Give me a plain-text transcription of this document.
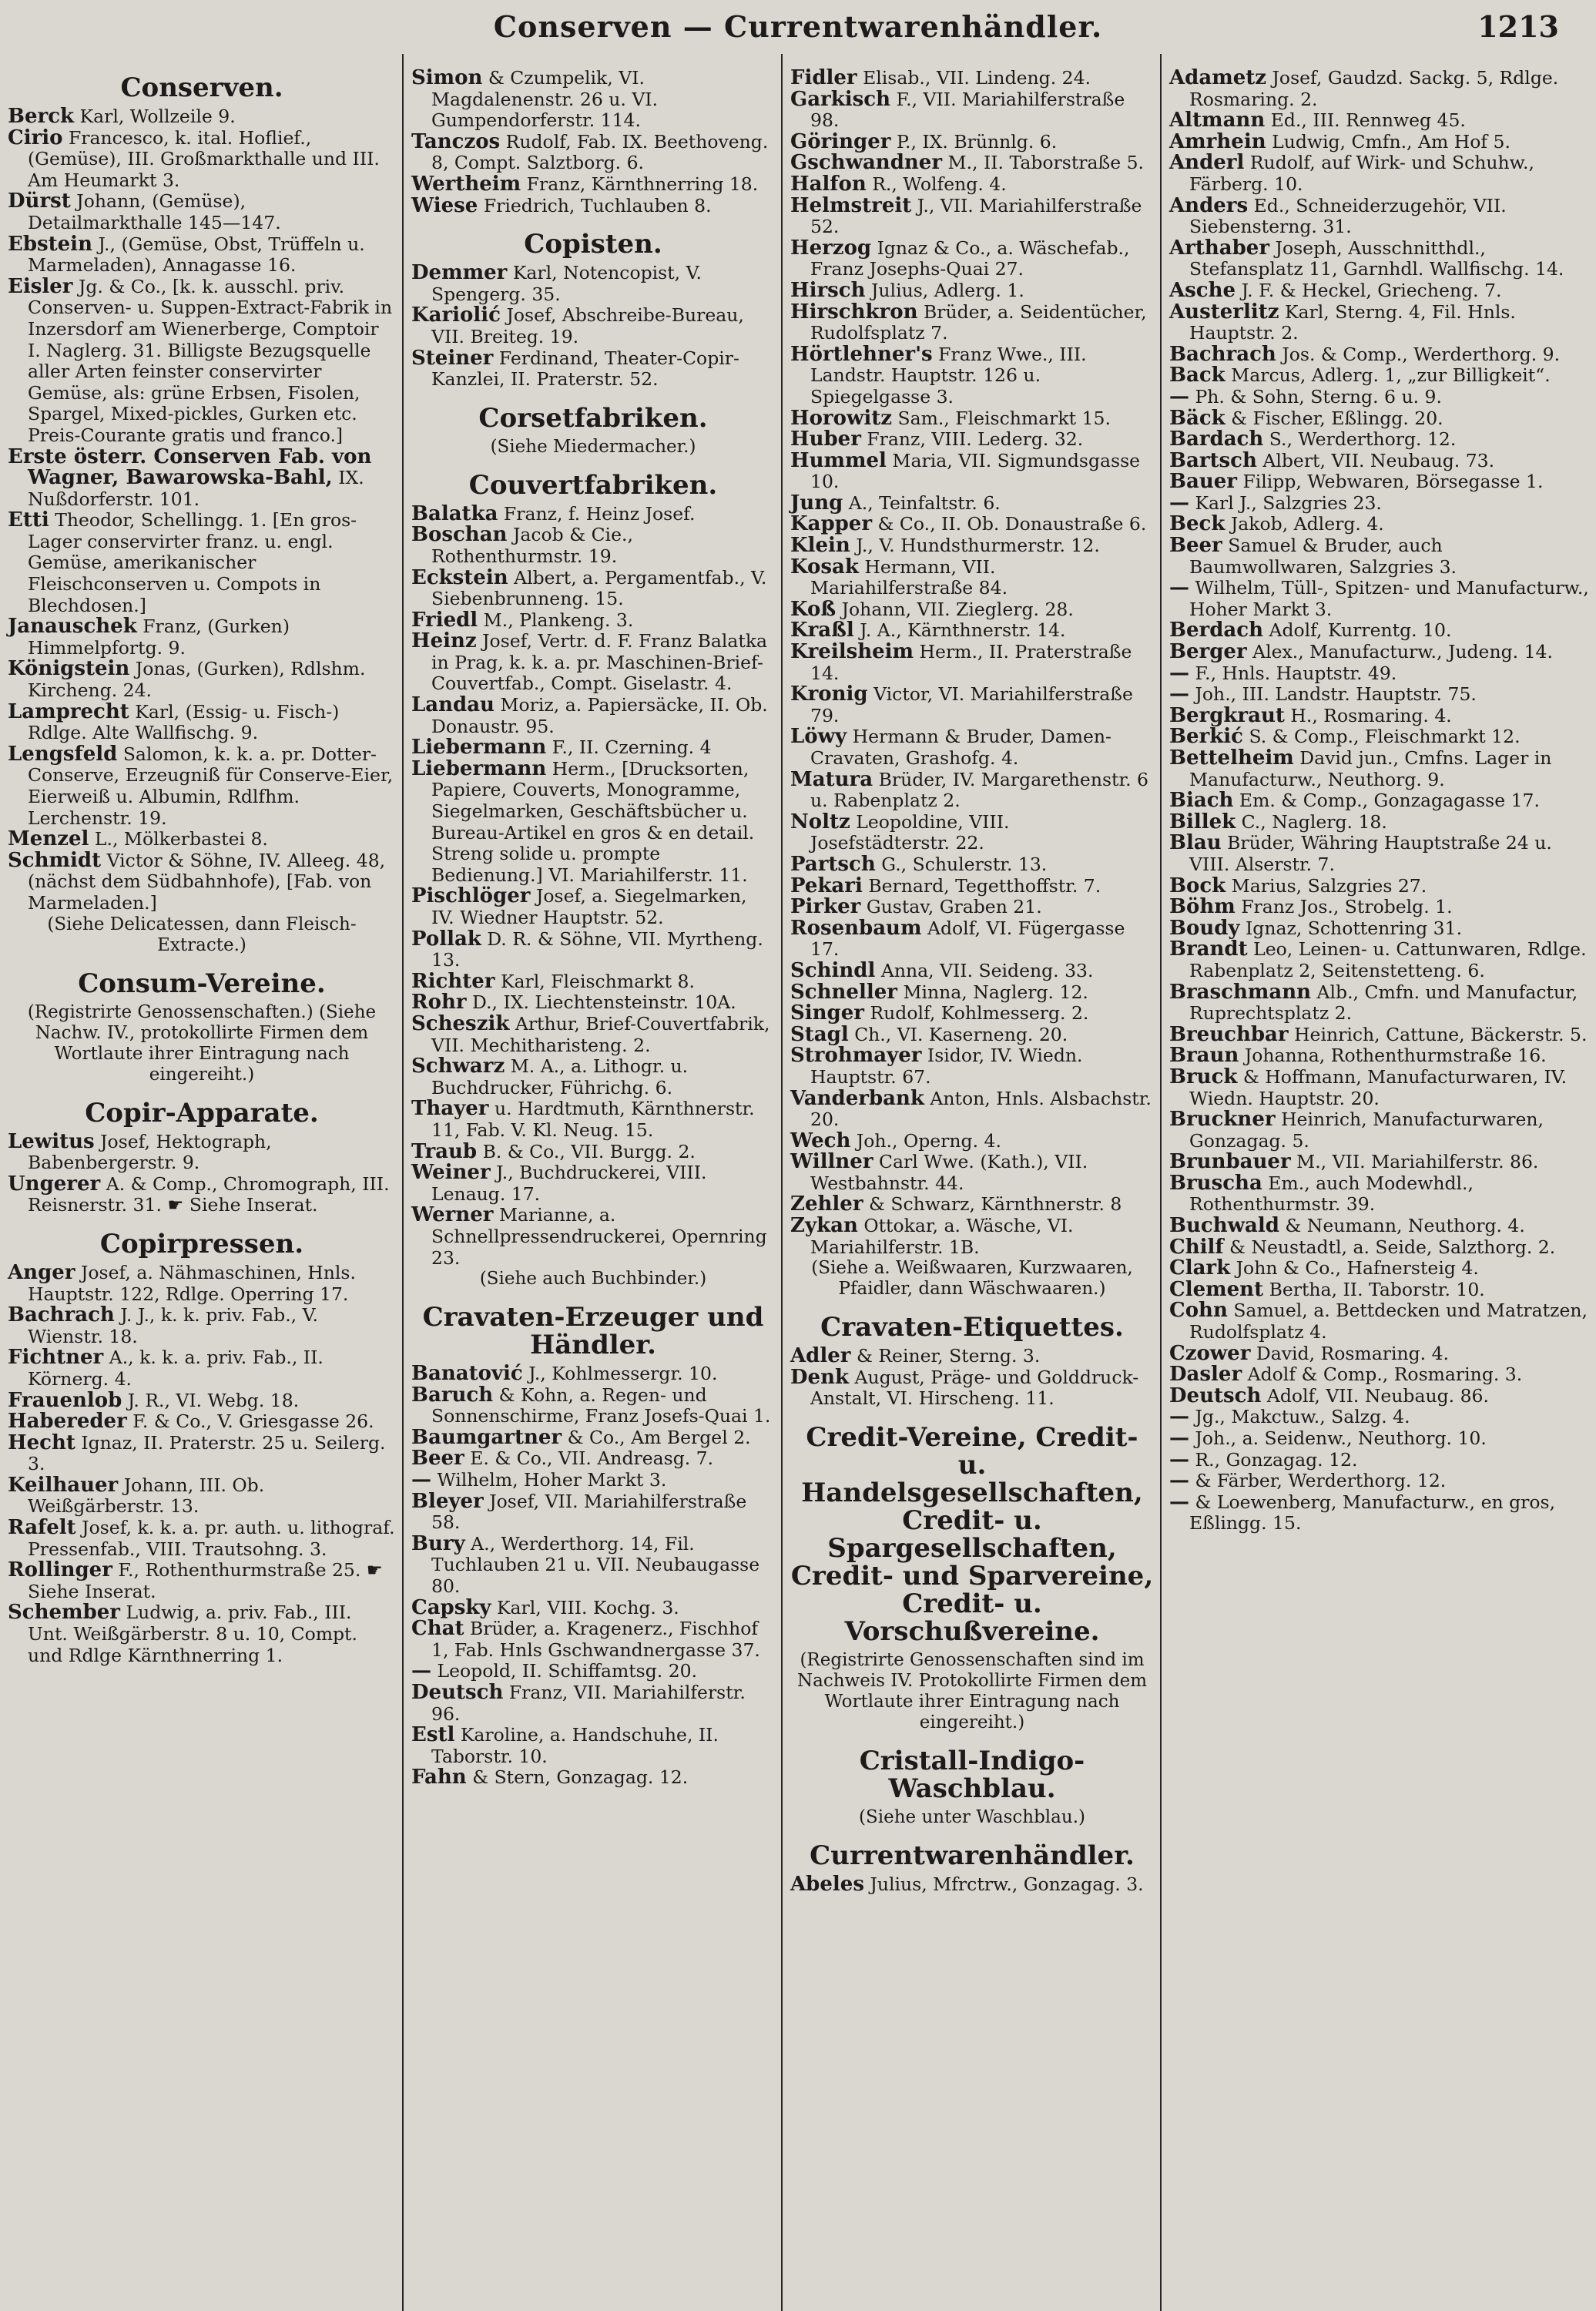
Conserven — Currentwarenhändler.	1213
Conserven.
Berck Karl, Wollzeile 9.
Cirio Francesco, k. ital. Hoflief., (Gemüse), III. Großmarkthalle und III. Am Heumarkt 3.
Dürst Johann, (Gemüse), Detailmarkthalle 145—147.
Ebstein J., (Gemüse, Obst, Trüffeln u. Marmeladen), Annagasse 16.
Eisler Jg. & Co., [k. k. ausschl. priv. Conserven- u. Suppen-Extract-Fabrik in Inzersdorf am Wienerberge, Comptoir I. Naglerg. 31. Billigste Bezugsquelle aller Arten feinster conservirter Gemüse, als: grüne Erbsen, Fisolen, Spargel, Mixed-pickles, Gurken etc. Preis-Courante gratis und franco.]
Erste österr. Conserven Fab. von Wagner, Bawarowska-Bahl, IX. Nußdorferstr. 101.
Etti Theodor, Schellingg. 1. [En gros-Lager conservirter franz. u. engl. Gemüse, amerikanischer Fleischconserven u. Compots in Blechdosen.]
Janauschek Franz, (Gurken) Himmelpfortg. 9.
Königstein Jonas, (Gurken), Rdlshm. Kircheng. 24.
Lamprecht Karl, (Essig- u. Fisch-) Rdlge. Alte Wallfischg. 9.
Lengsfeld Salomon, k. k. a. pr. Dotter-Conserve, Erzeugniß für Conserve-Eier, Eierweiß u. Albumin, Rdlfhm. Lerchenstr. 19.
Menzel L., Mölkerbastei 8.
Schmidt Victor & Söhne, IV. Alleeg. 48, (nächst dem Südbahnhofe), [Fab. von Marmeladen.]
(Siehe Delicatessen, dann Fleisch-Extracte.)
Consum-Vereine.
(Registrirte Genossenschaften.) (Siehe Nachw. IV., protokollirte Firmen dem Wortlaute ihrer Eintragung nach eingereiht.)
Copir-Apparate.
Lewitus Josef, Hektograph, Babenbergerstr. 9.
Ungerer A. & Comp., Chromograph, III. Reisnerstr. 31. ☛ Siehe Inserat.
Copirpressen.
Anger Josef, a. Nähmaschinen, Hnls. Hauptstr. 122, Rdlge. Operring 17.
Bachrach J. J., k. k. priv. Fab., V. Wienstr. 18.
Fichtner A., k. k. a. priv. Fab., II. Körnerg. 4.
Frauenlob J. R., VI. Webg. 18.
Habereder F. & Co., V. Griesgasse 26.
Hecht Ignaz, II. Praterstr. 25 u. Seilerg. 3.
Keilhauer Johann, III. Ob. Weißgärberstr. 13.
Rafelt Josef, k. k. a. pr. auth. u. lithograf. Pressenfab., VIII. Trautsohng. 3.
Rollinger F., Rothenthurmstraße 25. ☛ Siehe Inserat.
Schember Ludwig, a. priv. Fab., III. Unt. Weißgärberstr. 8 u. 10, Compt. und Rdlge Kärnthnerring 1.
Simon & Czumpelik, VI. Magdalenenstr. 26 u. VI. Gumpendorferstr. 114.
Tanczos Rudolf, Fab. IX. Beethoveng. 8, Compt. Salztborg. 6.
Wertheim Franz, Kärnthnerring 18.
Wiese Friedrich, Tuchlauben 8.
Copisten.
Demmer Karl, Notencopist, V. Spengerg. 35.
Kariolić Josef, Abschreibe-Bureau, VII. Breiteg. 19.
Steiner Ferdinand, Theater-Copir-Kanzlei, II. Praterstr. 52.
Corsetfabriken.
(Siehe Miedermacher.)
Couvertfabriken.
Balatka Franz, f. Heinz Josef.
Boschan Jacob & Cie., Rothenthurmstr. 19.
Eckstein Albert, a. Pergamentfab., V. Siebenbrunneng. 15.
Friedl M., Plankeng. 3.
Heinz Josef, Vertr. d. F. Franz Balatka in Prag, k. k. a. pr. Maschinen-Brief-Couvertfab., Compt. Giselastr. 4.
Landau Moriz, a. Papiersäcke, II. Ob. Donaustr. 95.
Liebermann F., II. Czerning. 4
Liebermann Herm., [Drucksorten, Papiere, Couverts, Monogramme, Siegelmarken, Geschäftsbücher u. Bureau-Artikel en gros & en detail. Streng solide u. prompte Bedienung.] VI. Mariahilferstr. 11.
Pischlöger Josef, a. Siegelmarken, IV. Wiedner Hauptstr. 52.
Pollak D. R. & Söhne, VII. Myrtheng. 13.
Richter Karl, Fleischmarkt 8.
Rohr D., IX. Liechtensteinstr. 10A.
Scheszik Arthur, Brief-Couvertfabrik, VII. Mechitharisteng. 2.
Schwarz M. A., a. Lithogr. u. Buchdrucker, Führichg. 6.
Thayer u. Hardtmuth, Kärnthnerstr. 11, Fab. V. Kl. Neug. 15.
Traub B. & Co., VII. Burgg. 2.
Weiner J., Buchdruckerei, VIII. Lenaug. 17.
Werner Marianne, a. Schnellpressendruckerei, Opernring 23.
(Siehe auch Buchbinder.)
Cravaten-Erzeuger und Händler.
Banatović J., Kohlmessergr. 10.
Baruch & Kohn, a. Regen- und Sonnenschirme, Franz Josefs-Quai 1.
Baumgartner & Co., Am Bergel 2.
Beer E. & Co., VII. Andreasg. 7.
— Wilhelm, Hoher Markt 3.
Bleyer Josef, VII. Mariahilferstraße 58.
Bury A., Werderthorg. 14, Fil. Tuchlauben 21 u. VII. Neubaugasse 80.
Capsky Karl, VIII. Kochg. 3.
Chat Brüder, a. Kragenerz., Fischhof 1, Fab. Hnls Gschwandnergasse 37.
— Leopold, II. Schiffamtsg. 20.
Deutsch Franz, VII. Mariahilferstr. 96.
Estl Karoline, a. Handschuhe, II. Taborstr. 10.
Fahn & Stern, Gonzagag. 12.
Fidler Elisab., VII. Lindeng. 24.
Garkisch F., VII. Mariahilferstraße 98.
Göringer P., IX. Brünnlg. 6.
Gschwandner M., II. Taborstraße 5.
Halfon R., Wolfeng. 4.
Helmstreit J., VII. Mariahilferstraße 52.
Herzog Ignaz & Co., a. Wäschefab., Franz Josephs-Quai 27.
Hirsch Julius, Adlerg. 1.
Hirschkron Brüder, a. Seidentücher, Rudolfsplatz 7.
Hörtlehner's Franz Wwe., III. Landstr. Hauptstr. 126 u. Spiegelgasse 3.
Horowitz Sam., Fleischmarkt 15.
Huber Franz, VIII. Lederg. 32.
Hummel Maria, VII. Sigmundsgasse 10.
Jung A., Teinfaltstr. 6.
Kapper & Co., II. Ob. Donaustraße 6.
Klein J., V. Hundsthurmerstr. 12.
Kosak Hermann, VII. Mariahilferstraße 84.
Koß Johann, VII. Zieglerg. 28.
Kraßl J. A., Kärnthnerstr. 14.
Kreilsheim Herm., II. Praterstraße 14.
Kronig Victor, VI. Mariahilferstraße 79.
Löwy Hermann & Bruder, Damen-Cravaten, Grashofg. 4.
Matura Brüder, IV. Margarethenstr. 6 u. Rabenplatz 2.
Noltz Leopoldine, VIII. Josefstädterstr. 22.
Partsch G., Schulerstr. 13.
Pekari Bernard, Tegetthoffstr. 7.
Pirker Gustav, Graben 21.
Rosenbaum Adolf, VI. Fügergasse 17.
Schindl Anna, VII. Seideng. 33.
Schneller Minna, Naglerg. 12.
Singer Rudolf, Kohlmesserg. 2.
Stagl Ch., VI. Kaserneng. 20.
Strohmayer Isidor, IV. Wiedn. Hauptstr. 67.
Vanderbank Anton, Hnls. Alsbachstr. 20.
Wech Joh., Operng. 4.
Willner Carl Wwe. (Kath.), VII. Westbahnstr. 44.
Zehler & Schwarz, Kärnthnerstr. 8
Zykan Ottokar, a. Wäsche, VI. Mariahilferstr. 1B.
(Siehe a. Weißwaaren, Kurzwaaren, Pfaidler, dann Wäschwaaren.)
Cravaten-Etiquettes.
Adler & Reiner, Sterng. 3.
Denk August, Präge- und Golddruck-Anstalt, VI. Hirscheng. 11.
Credit-Vereine, Credit- u. Handelsgesellschaften, Credit- u. Spargesellschaften, Credit- und Sparvereine, Credit- u. Vorschußvereine.
(Registrirte Genossenschaften sind im Nachweis IV. Protokollirte Firmen dem Wortlaute ihrer Eintragung nach eingereiht.)
Cristall-Indigo-Waschblau.
(Siehe unter Waschblau.)
Currentwarenhändler.
Abeles Julius, Mfrctrw., Gonzagag. 3.
Adametz Josef, Gaudzd. Sackg. 5, Rdlge. Rosmaring. 2.
Altmann Ed., III. Rennweg 45.
Amrhein Ludwig, Cmfn., Am Hof 5.
Anderl Rudolf, auf Wirk- und Schuhw., Färberg. 10.
Anders Ed., Schneiderzugehör, VII. Siebensterng. 31.
Arthaber Joseph, Ausschnitthdl., Stefansplatz 11, Garnhdl. Wallfischg. 14.
Asche J. F. & Heckel, Griecheng. 7.
Austerlitz Karl, Sterng. 4, Fil. Hnls. Hauptstr. 2.
Bachrach Jos. & Comp., Werderthorg. 9.
Back Marcus, Adlerg. 1, „zur Billigkeit“.
— Ph. & Sohn, Sterng. 6 u. 9.
Bäck & Fischer, Eßlingg. 20.
Bardach S., Werderthorg. 12.
Bartsch Albert, VII. Neubaug. 73.
Bauer Filipp, Webwaren, Börsegasse 1.
— Karl J., Salzgries 23.
Beck Jakob, Adlerg. 4.
Beer Samuel & Bruder, auch Baumwollwaren, Salzgries 3.
— Wilhelm, Tüll-, Spitzen- und Manufacturw., Hoher Markt 3.
Berdach Adolf, Kurrentg. 10.
Berger Alex., Manufacturw., Judeng. 14.
— F., Hnls. Hauptstr. 49.
— Joh., III. Landstr. Hauptstr. 75.
Bergkraut H., Rosmaring. 4.
Berkić S. & Comp., Fleischmarkt 12.
Bettelheim David jun., Cmfns. Lager in Manufacturw., Neuthorg. 9.
Biach Em. & Comp., Gonzagagasse 17.
Billek C., Naglerg. 18.
Blau Brüder, Währing Hauptstraße 24 u. VIII. Alserstr. 7.
Bock Marius, Salzgries 27.
Böhm Franz Jos., Strobelg. 1.
Boudy Ignaz, Schottenring 31.
Brandt Leo, Leinen- u. Cattunwaren, Rdlge. Rabenplatz 2, Seitenstetteng. 6.
Braschmann Alb., Cmfn. und Manufactur, Ruprechtsplatz 2.
Breuchbar Heinrich, Cattune, Bäckerstr. 5.
Braun Johanna, Rothenthurmstraße 16.
Bruck & Hoffmann, Manufacturwaren, IV. Wiedn. Hauptstr. 20.
Bruckner Heinrich, Manufacturwaren, Gonzagag. 5.
Brunbauer M., VII. Mariahilferstr. 86.
Bruscha Em., auch Modewhdl., Rothenthurmstr. 39.
Buchwald & Neumann, Neuthorg. 4.
Chilf & Neustadtl, a. Seide, Salzthorg. 2.
Clark John & Co., Hafnersteig 4.
Clement Bertha, II. Taborstr. 10.
Cohn Samuel, a. Bettdecken und Matratzen, Rudolfsplatz 4.
Czower David, Rosmaring. 4.
Dasler Adolf & Comp., Rosmaring. 3.
Deutsch Adolf, VII. Neubaug. 86.
— Jg., Makctuw., Salzg. 4.
— Joh., a. Seidenw., Neuthorg. 10.
— R., Gonzagag. 12.
— & Färber, Werderthorg. 12.
— & Loewenberg, Manufacturw., en gros, Eßlingg. 15.
